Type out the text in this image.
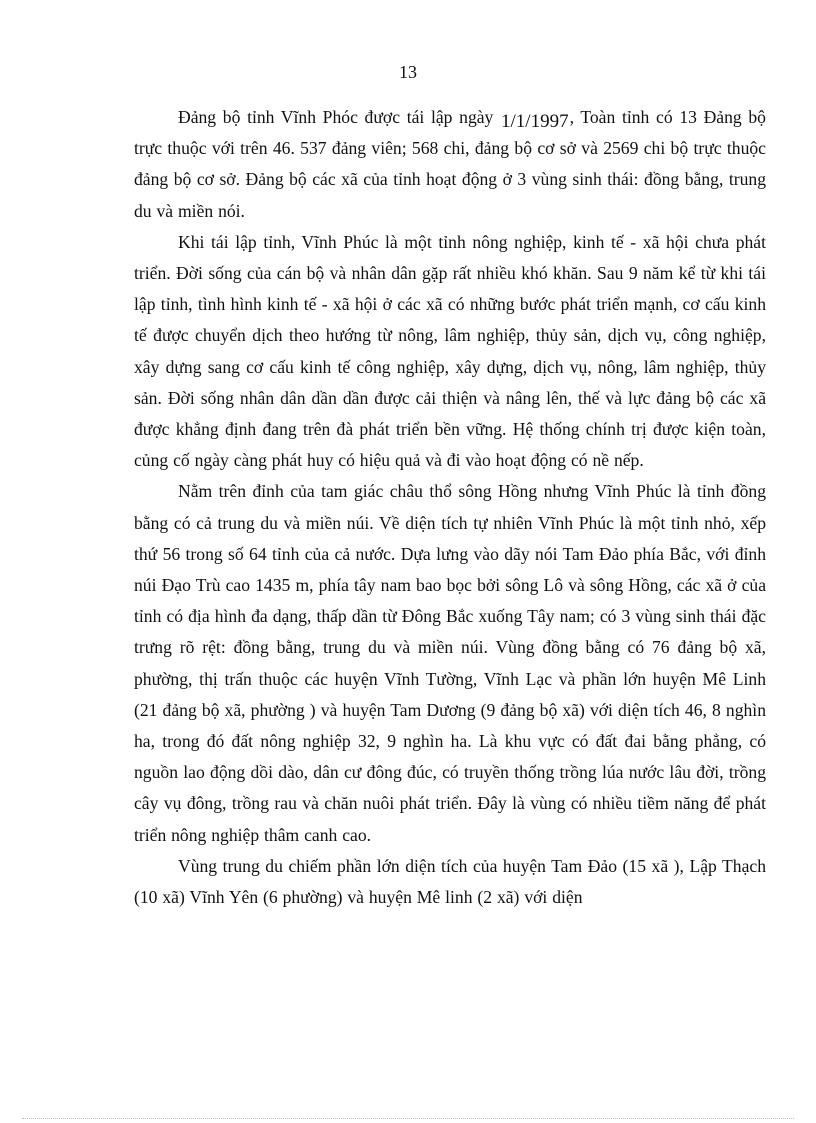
13

Đảng bộ tỉnh Vĩnh Phóc được tái lập ngày 1/1/1997, Toàn tỉnh có 13 Đảng bộ trực thuộc với trên 46. 537 đảng viên; 568 chi, đảng bộ cơ sở và 2569 chi bộ trực thuộc đảng bộ cơ sở. Đảng bộ các xã của tỉnh hoạt động ở 3 vùng sinh thái: đồng bằng, trung du và miền nói.

Khi tái lập tỉnh, Vĩnh Phúc là một tỉnh nông nghiệp, kinh tế - xã hội chưa phát triển. Đời sống của cán bộ và nhân dân gặp rất nhiều khó khăn. Sau 9 năm kể từ khi tái lập tỉnh, tình hình kinh tế - xã hội ở các xã có những bước phát triển mạnh, cơ cấu kinh tế được chuyển dịch theo hướng từ nông, lâm nghiệp, thủy sản, dịch vụ, công nghiệp, xây dựng sang cơ cấu kinh tế công nghiệp, xây dựng, dịch vụ, nông, lâm nghiệp, thủy sản. Đời sống nhân dân dần dần được cải thiện và nâng lên, thế và lực đảng bộ các xã được khẳng định đang trên đà phát triển bền vững. Hệ thống chính trị được kiện toàn, củng cố ngày càng phát huy có hiệu quả và đi vào hoạt động có nề nếp.

Nằm trên đỉnh của tam giác châu thổ sông Hồng nhưng Vĩnh Phúc là tỉnh đồng bằng có cả trung du và miền núi. Về diện tích tự nhiên Vĩnh Phúc là một tỉnh nhỏ, xếp thứ 56 trong số 64 tỉnh của cả nước. Dựa lưng vào dãy nói Tam Đảo phía Bắc, với đỉnh núi Đạo Trù cao 1435 m, phía tây nam bao bọc bởi sông Lô và sông Hồng, các xã ở của tỉnh có địa hình đa dạng, thấp dần từ Đông Bắc xuống Tây nam; có 3 vùng sinh thái đặc trưng rõ rệt: đồng bằng, trung du và miền núi. Vùng đồng bằng có 76 đảng bộ xã, phường, thị trấn thuộc các huyện Vĩnh Tường, Vĩnh Lạc và phần lớn huyện Mê Linh (21 đảng bộ xã, phường ) và huyện Tam Dương (9 đảng bộ xã) với diện tích 46, 8 nghìn ha, trong đó đất nông nghiệp 32, 9 nghìn ha. Là khu vực có đất đai bằng phẳng, có nguồn lao động dồi dào, dân cư đông đúc, có truyền thống trồng lúa nước lâu đời, trồng cây vụ đông, trồng rau và chăn nuôi phát triển. Đây là vùng có nhiều tiềm năng để phát triển nông nghiệp thâm canh cao.

Vùng trung du chiếm phần lớn diện tích của huyện Tam Đảo (15 xã ), Lập Thạch (10 xã) Vĩnh Yên (6 phường) và huyện Mê linh (2 xã) với diện
